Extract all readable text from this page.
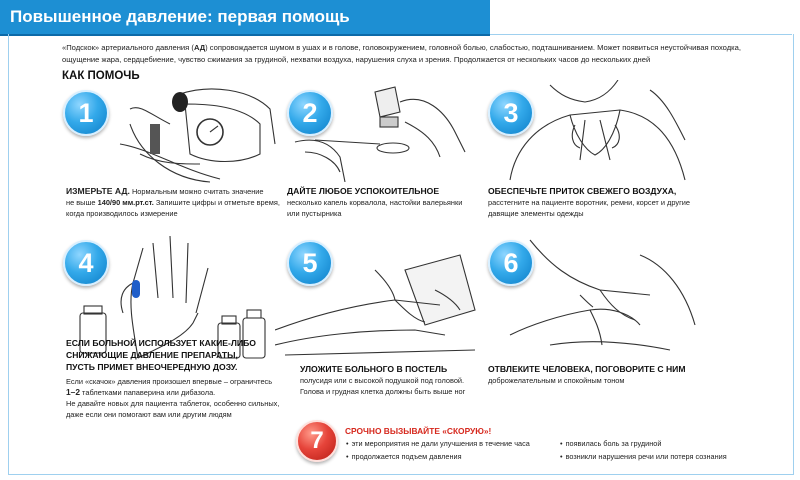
Повышенное давление: первая помощь
«Подскок» артериального давления (АД) сопровождается шумом в ушах и в голове, головокружением, головной болью, слабостью, подташниванием. Может появиться неустойчивая походка, ощущение жара, сердцебиение, чувство сжимания за грудиной, нехватки воздуха, нарушения слуха и зрения. Продолжается от нескольких часов до нескольких дней
КАК ПОМОЧЬ
1
ИЗМЕРЬТЕ АД. Нормальным можно считать значение
не выше 140/90 мм.рт.ст. Запишите цифры и отметьте время,
когда производилось измерение
2
ДАЙТЕ ЛЮБОЕ УСПОКОИТЕЛЬНОЕ
несколько капель корвалола, настойки валерьянки
или пустырника
3
ОБЕСПЕЧЬТЕ ПРИТОК СВЕЖЕГО ВОЗДУХА,
расстегните на пациенте воротник, ремни, корсет и другие
давящие элементы одежды
4
ЕСЛИ БОЛЬНОЙ ИСПОЛЬЗУЕТ КАКИЕ-ЛИБО
СНИЖАЮЩИЕ ДАВЛЕНИЕ ПРЕПАРАТЫ,
ПУСТЬ ПРИМЕТ ВНЕОЧЕРЕДНУЮ ДОЗУ.
Если «скачок» давления произошел впервые – ограничтесь
1–2 таблетками папаверина или дибазола.
Не давайте новых для пациента таблеток, особенно сильных,
даже если они помогают вам или другим людям
5
УЛОЖИТЕ БОЛЬНОГО В ПОСТЕЛЬ
полусидя или с высокой подушкой под головой.
Голова и грудная клетка должны быть выше ног
6
ОТВЛЕКИТЕ ЧЕЛОВЕКА, ПОГОВОРИТЕ С НИМ
доброжелательным и спокойным тоном
7	СРОЧНО ВЫЗЫВАЙТЕ «СКОРУЮ»!
• эти мероприятия не дали улучшения в течение часа
• продолжается подъем давления
• появилась боль за грудиной
• возникли нарушения речи или потеря сознания
